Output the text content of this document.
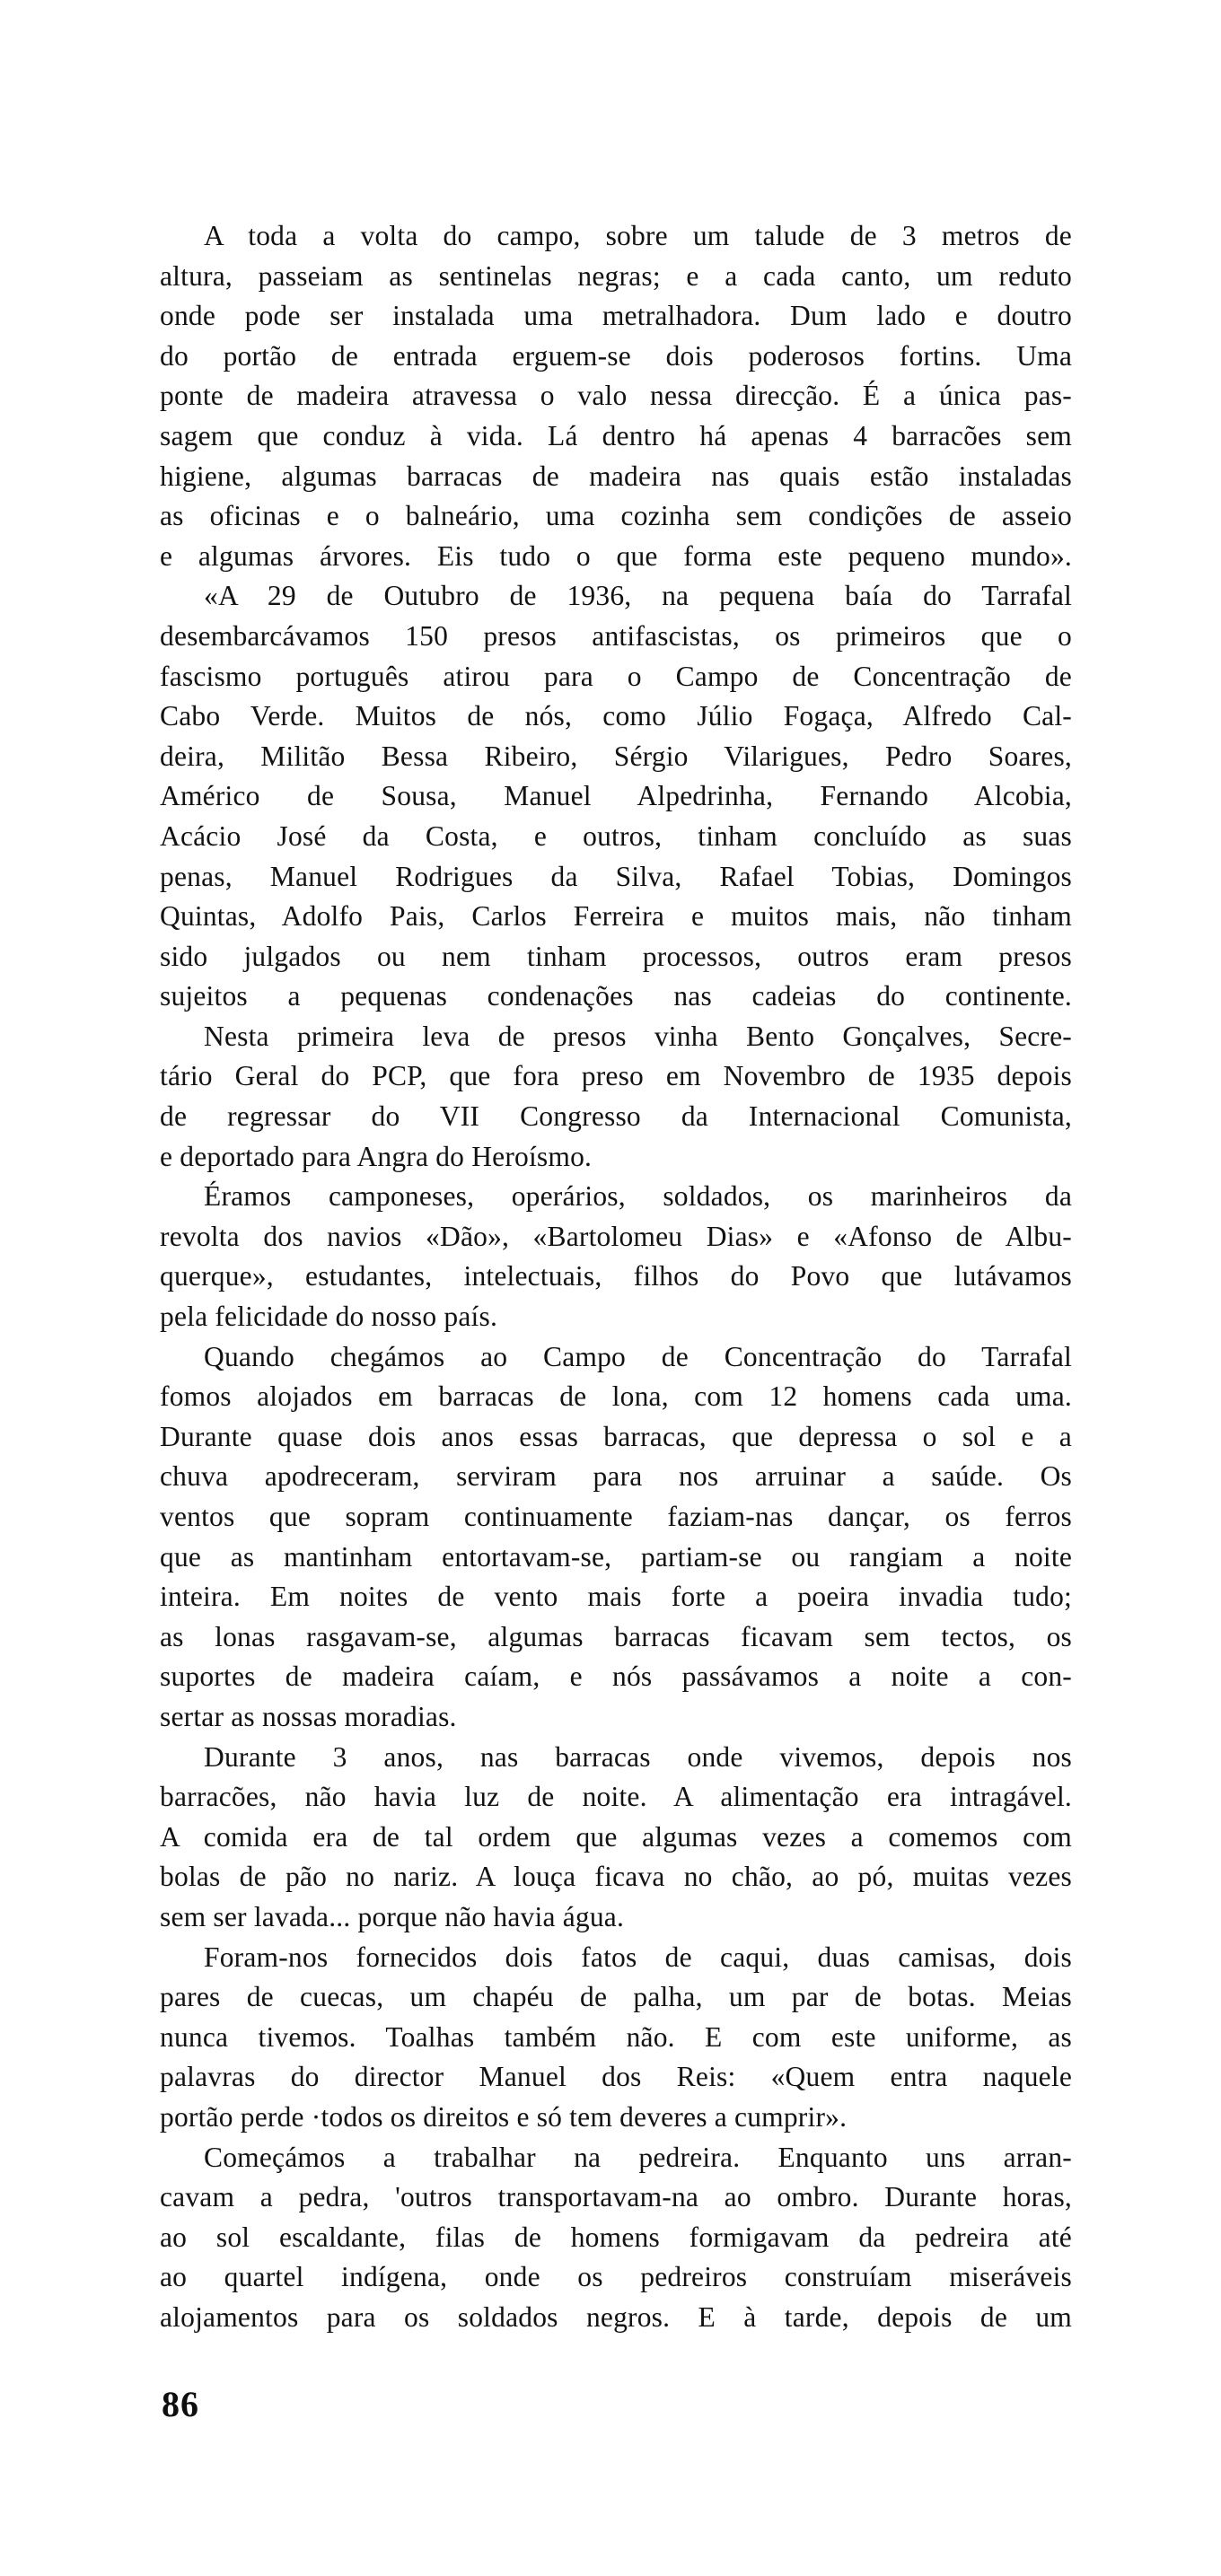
A toda a volta do campo, sobre um talude de 3 metros de
altura, passeiam as sentinelas negras; e a cada canto, um reduto
onde pode ser instalada uma metralhadora. Dum lado e doutro
do portão de entrada erguem-se dois poderosos fortins. Uma
ponte de madeira atravessa o valo nessa direcção. É a única pas-
sagem que conduz à vida. Lá dentro há apenas 4 barracões sem
higiene, algumas barracas de madeira nas quais estão instaladas
as oficinas e o balneário, uma cozinha sem condições de asseio
e algumas árvores. Eis tudo o que forma este pequeno mundo».

«A 29 de Outubro de 1936, na pequena baía do Tarrafal
desembarcávamos 150 presos antifascistas, os primeiros que o
fascismo português atirou para o Campo de Concentração de
Cabo Verde. Muitos de nós, como Júlio Fogaça, Alfredo Cal-
deira, Militão Bessa Ribeiro, Sérgio Vilarigues, Pedro Soares,
Américo de Sousa, Manuel Alpedrinha, Fernando Alcobia,
Acácio José da Costa, e outros, tinham concluído as suas
penas, Manuel Rodrigues da Silva, Rafael Tobias, Domingos
Quintas, Adolfo Pais, Carlos Ferreira e muitos mais, não tinham
sido julgados ou nem tinham processos, outros eram presos
sujeitos a pequenas condenações nas cadeias do continente.

Nesta primeira leva de presos vinha Bento Gonçalves, Secre-
tário Geral do PCP, que fora preso em Novembro de 1935 depois
de regressar do VII Congresso da Internacional Comunista,
e deportado para Angra do Heroísmo.

Éramos camponeses, operários, soldados, os marinheiros da
revolta dos navios «Dão», «Bartolomeu Dias» e «Afonso de Albu-
querque», estudantes, intelectuais, filhos do Povo que lutávamos
pela felicidade do nosso país.

Quando chegámos ao Campo de Concentração do Tarrafal
fomos alojados em barracas de lona, com 12 homens cada uma.
Durante quase dois anos essas barracas, que depressa o sol e a
chuva apodreceram, serviram para nos arruinar a saúde. Os
ventos que sopram continuamente faziam-nas dançar, os ferros
que as mantinham entortavam-se, partiam-se ou rangiam a noite
inteira. Em noites de vento mais forte a poeira invadia tudo;
as lonas rasgavam-se, algumas barracas ficavam sem tectos, os
suportes de madeira caíam, e nós passávamos a noite a con-
sertar as nossas moradias.

Durante 3 anos, nas barracas onde vivemos, depois nos
barracões, não havia luz de noite. A alimentação era intragável.
A comida era de tal ordem que algumas vezes a comemos com
bolas de pão no nariz. A louça ficava no chão, ao pó, muitas vezes
sem ser lavada... porque não havia água.

Foram-nos fornecidos dois fatos de caqui, duas camisas, dois
pares de cuecas, um chapéu de palha, um par de botas. Meias
nunca tivemos. Toalhas também não. E com este uniforme, as
palavras do director Manuel dos Reis: «Quem entra naquele
portão perde ·todos os direitos e só tem deveres a cumprir».

Começámos a trabalhar na pedreira. Enquanto uns arran-
cavam a pedra, 'outros transportavam-na ao ombro. Durante horas,
ao sol escaldante, filas de homens formigavam da pedreira até
ao quartel indígena, onde os pedreiros construíam miseráveis
alojamentos para os soldados negros. E à tarde, depois de um

86
